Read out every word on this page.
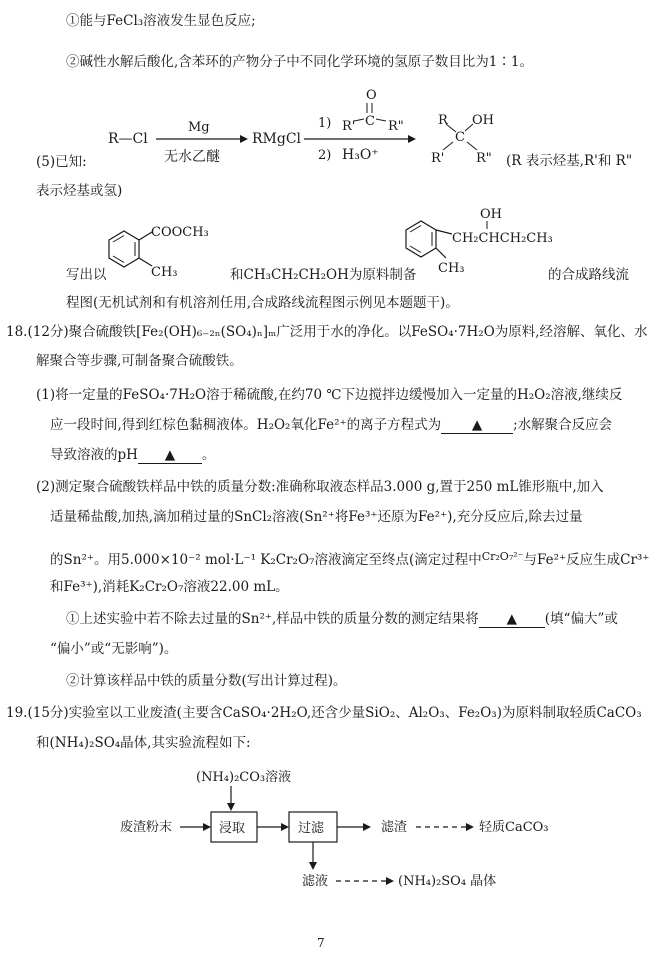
①能与FeCl₃溶液发生显色反应;
②碱性水解后酸化,含苯环的产物分子中不同化学环境的氢原子数目比为1∶1。
R—Cl
Mg
无水乙醚
RMgCl
1)
O
C
R'	R"
2) H₃O⁺
R
C
OH
R' R"
COOCH₃
CH₃
OH
CH₂CHCH₂CH₃
CH₃
(5)已知:	(R 表示烃基,R'和 R"
表示烃基或氢)
写出以	和CH₃CH₂CH₂OH为原料制备	的合成路线流
程图(无机试剂和有机溶剂任用,合成路线流程图示例见本题题干)。
18.(12分)聚合硫酸铁[Fe₂(OH)₆₋₂ₙ(SO₄)ₙ]ₘ广泛用于水的净化。以FeSO₄·7H₂O为原料,经溶解、氧化、水
解聚合等步骤,可制备聚合硫酸铁。
(1)将一定量的FeSO₄·7H₂O溶于稀硫酸,在约70 ℃下边搅拌边缓慢加入一定量的H₂O₂溶液,继续反
应一段时间,得到红棕色黏稠液体。H₂O₂氧化Fe²⁺的离子方程式为 ▲ ;水解聚合反应会
导致溶液的pH ▲ 。
(2)测定聚合硫酸铁样品中铁的质量分数:准确称取液态样品3.000 g,置于250 mL锥形瓶中,加入
适量稀盐酸,加热,滴加稍过量的SnCl₂溶液(Sn²⁺将Fe³⁺还原为Fe²⁺),充分反应后,除去过量
的Sn²⁺。用5.000×10⁻² mol·L⁻¹ K₂Cr₂O₇溶液滴定至终点(滴定过程中$^{Cr_2O_7^{2-}}$与Fe²⁺反应生成Cr³⁺
和Fe³⁺),消耗K₂Cr₂O₇溶液22.00 mL。
①上述实验中若不除去过量的Sn²⁺,样品中铁的质量分数的测定结果将 ▲ (填“偏大”或
“偏小”或“无影响”)。
②计算该样品中铁的质量分数(写出计算过程)。
19.(15分)实验室以工业废渣(主要含CaSO₄·2H₂O,还含少量SiO₂、Al₂O₃、Fe₂O₃)为原料制取轻质CaCO₃
和(NH₄)₂SO₄晶体,其实验流程如下:
(NH₄)₂CO₃溶液
废渣粉末	浸取	过滤	滤渣	轻质CaCO₃
滤液	(NH₄)₂SO₄ 晶体
7
